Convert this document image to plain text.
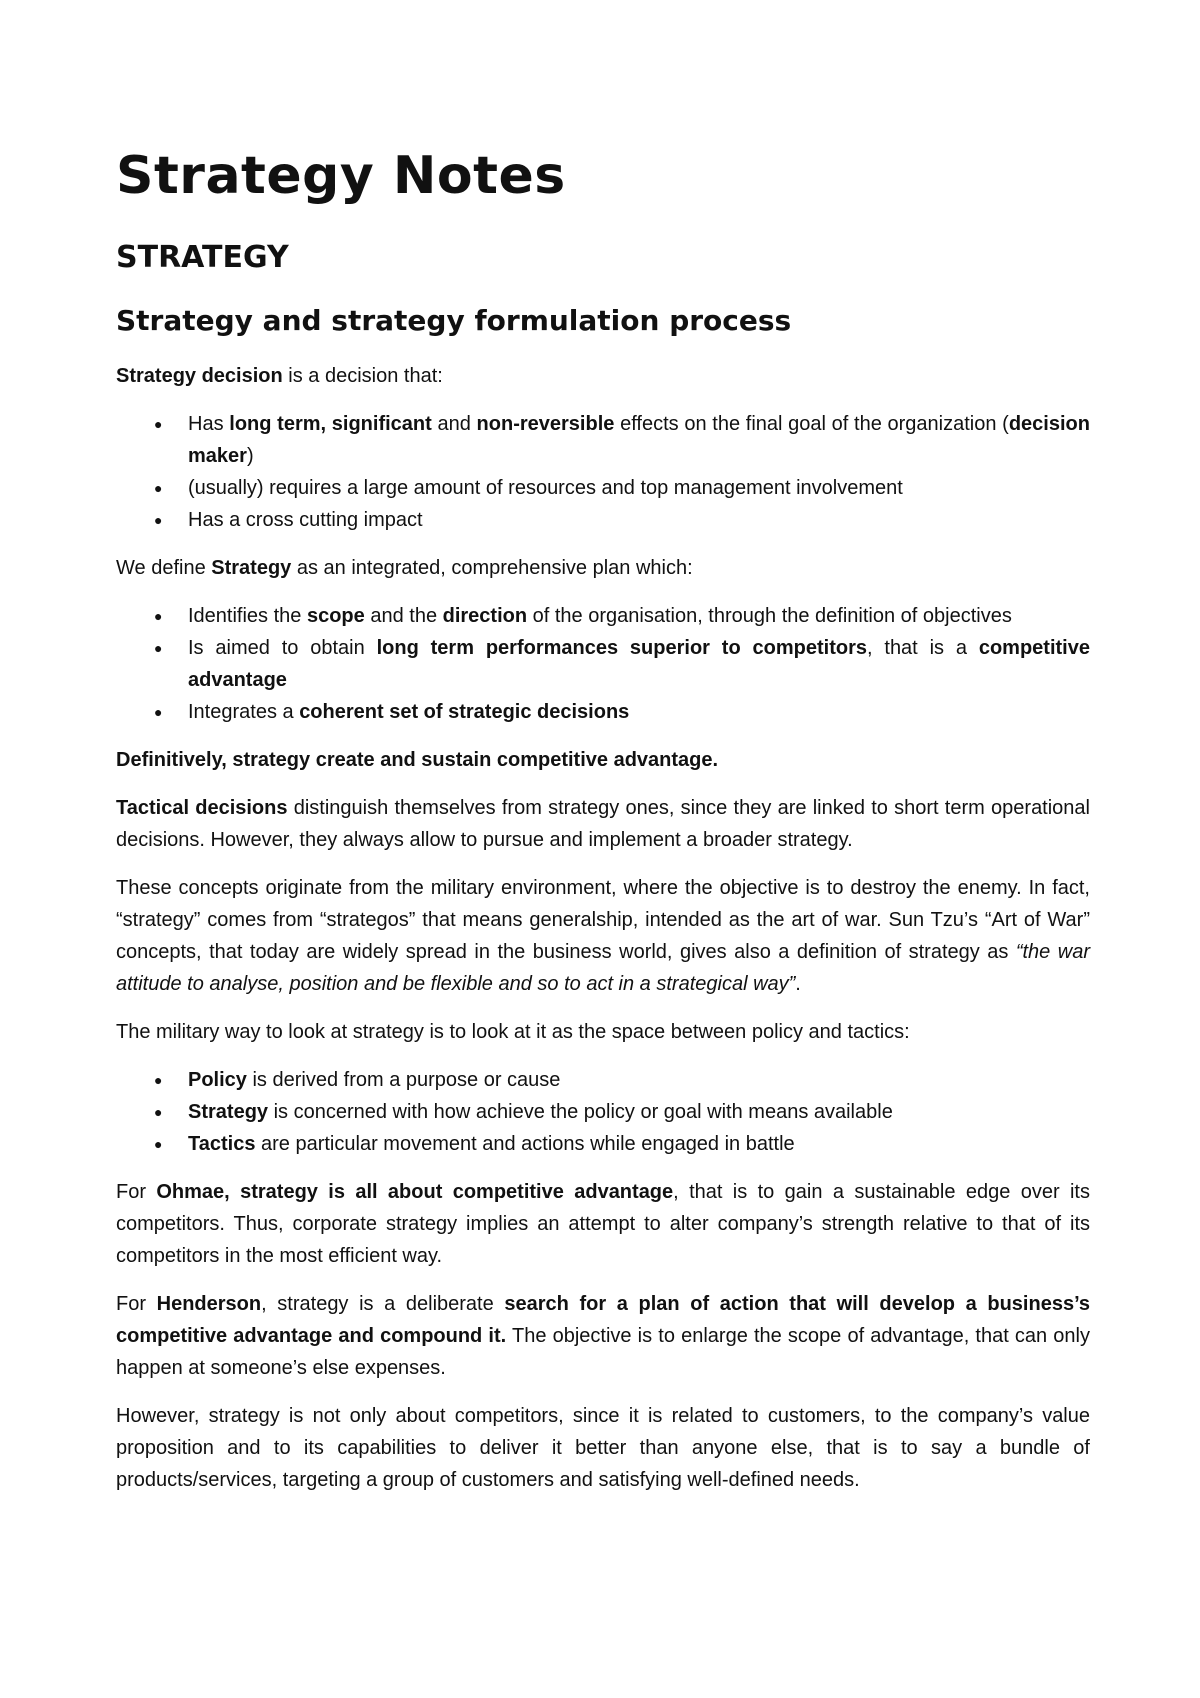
Strategy Notes
STRATEGY
Strategy and strategy formulation process

Strategy decision is a decision that:

● Has long term, significant and non-reversible effects on the final goal of the organization (decision maker)
● (usually) requires a large amount of resources and top management involvement
● Has a cross cutting impact

We define Strategy as an integrated, comprehensive plan which:

● Identifies the scope and the direction of the organisation, through the definition of objectives
● Is aimed to obtain long term performances superior to competitors, that is a competitive advantage
● Integrates a coherent set of strategic decisions

Definitively, strategy create and sustain competitive advantage.

Tactical decisions distinguish themselves from strategy ones, since they are linked to short term operational decisions. However, they always allow to pursue and implement a broader strategy.

These concepts originate from the military environment, where the objective is to destroy the enemy. In fact, “strategy” comes from “strategos” that means generalship, intended as the art of war. Sun Tzu’s “Art of War” concepts, that today are widely spread in the business world, gives also a definition of strategy as “the war attitude to analyse, position and be flexible and so to act in a strategical way”.

The military way to look at strategy is to look at it as the space between policy and tactics:

● Policy is derived from a purpose or cause
● Strategy is concerned with how achieve the policy or goal with means available
● Tactics are particular movement and actions while engaged in battle

For Ohmae, strategy is all about competitive advantage, that is to gain a sustainable edge over its competitors. Thus, corporate strategy implies an attempt to alter company’s strength relative to that of its competitors in the most efficient way.

For Henderson, strategy is a deliberate search for a plan of action that will develop a business’s competitive advantage and compound it. The objective is to enlarge the scope of advantage, that can only happen at someone’s else expenses.

However, strategy is not only about competitors, since it is related to customers, to the company’s value proposition and to its capabilities to deliver it better than anyone else, that is to say a bundle of products/services, targeting a group of customers and satisfying well-defined needs.
